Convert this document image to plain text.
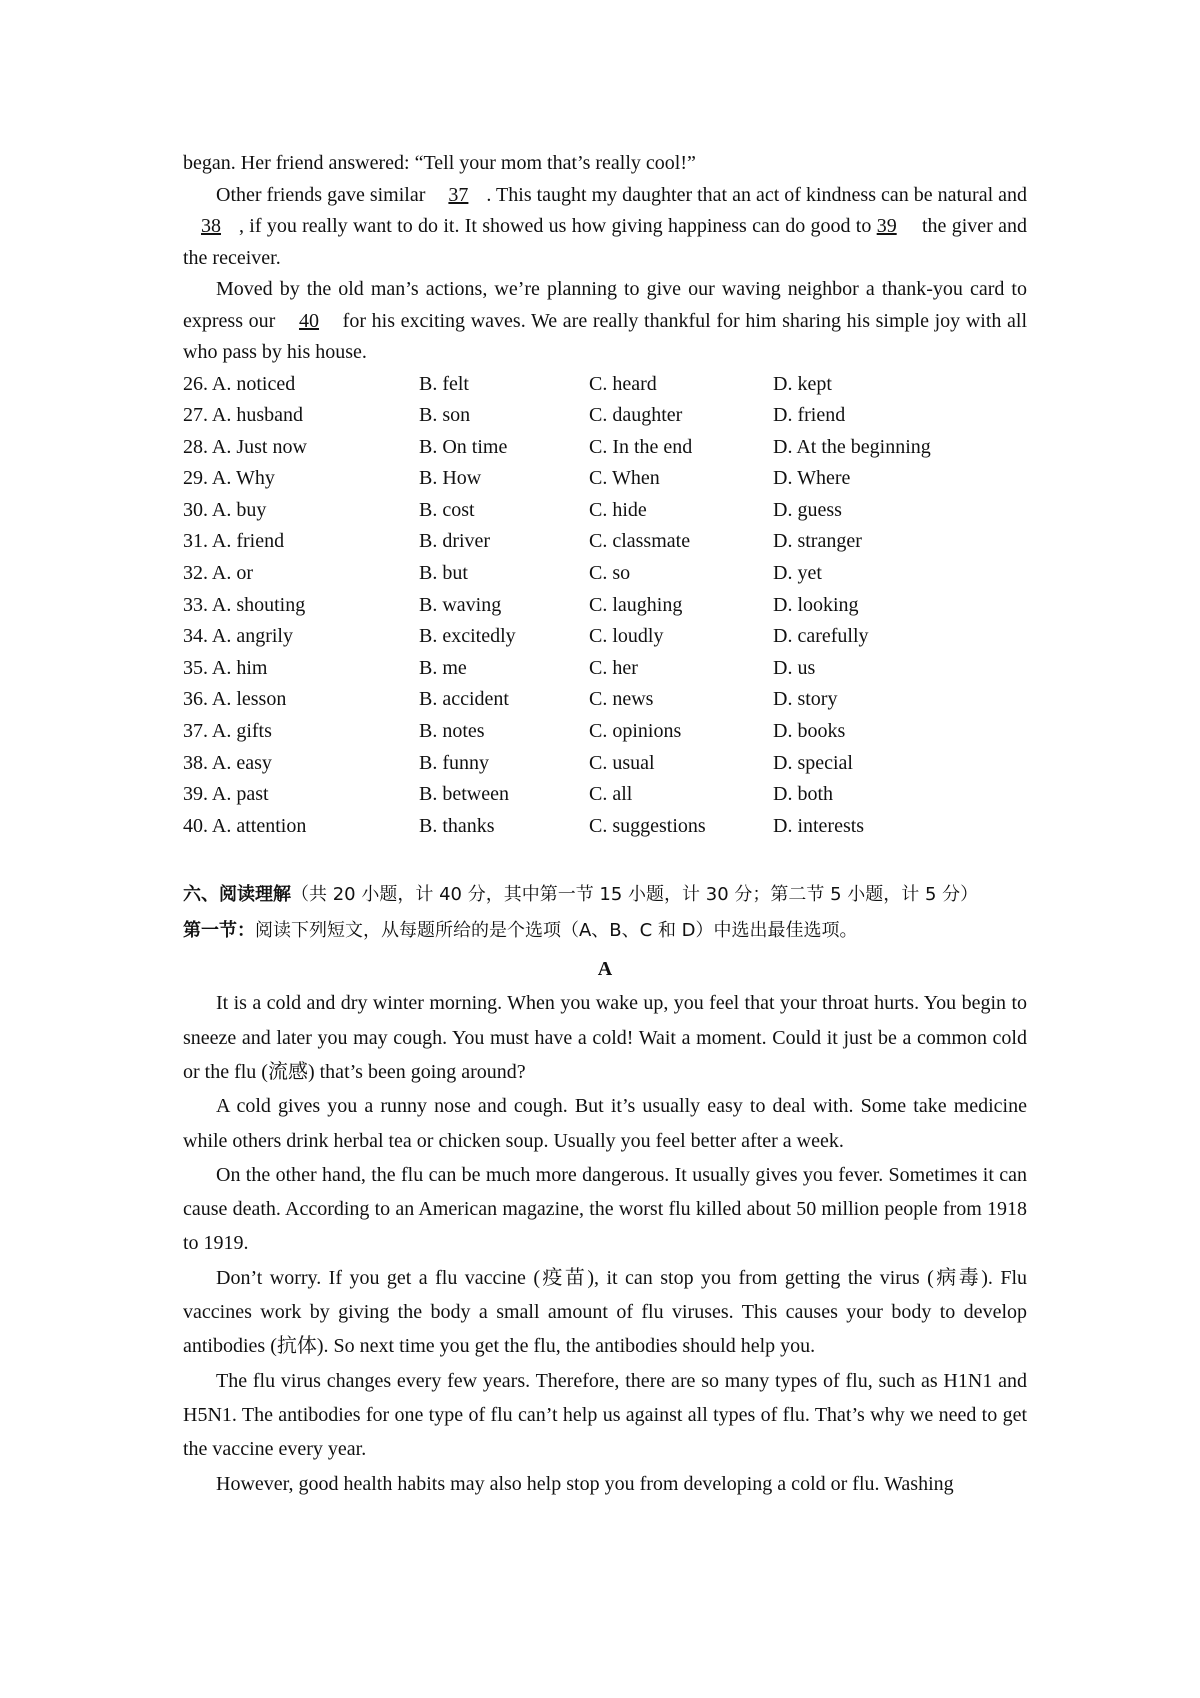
began. Her friend answered: “Tell your mom that’s really cool!”

Other friends gave similar 37 . This taught my daughter that an act of kindness can be natural and 38 , if you really want to do it. It showed us how giving happiness can do good to 39 the giver and the receiver.

Moved by the old man’s actions, we’re planning to give our waving neighbor a thank-you card to express our 40 for his exciting waves. We are really thankful for him sharing his simple joy with all who pass by his house.

26. A. noticed	B. felt	C. heard	D. kept
27. A. husband	B. son	C. daughter	D. friend
28. A. Just now	B. On time	C. In the end	D. At the beginning
29. A. Why	B. How	C. When	D. Where
30. A. buy	B. cost	C. hide	D. guess
31. A. friend	B. driver	C. classmate	D. stranger
32. A. or	B. but	C. so	D. yet
33. A. shouting	B. waving	C. laughing	D. looking
34. A. angrily	B. excitedly	C. loudly	D. carefully
35. A. him	B. me	C. her	D. us
36. A. lesson	B. accident	C. news	D. story
37. A. gifts	B. notes	C. opinions	D. books
38. A. easy	B. funny	C. usual	D. special
39. A. past	B. between	C. all	D. both
40. A. attention	B. thanks	C. suggestions	D. interests
六、阅读理解（共 20 小题，计 40 分，其中第一节 15 小题，计 30 分；第二节 5 小题，计 5 分）
第一节：阅读下列短文，从每题所给的是个选项（A、B、C 和 D）中选出最佳选项。
A

It is a cold and dry winter morning. When you wake up, you feel that your throat hurts. You begin to sneeze and later you may cough. You must have a cold! Wait a moment. Could it just be a common cold or the flu (流感) that’s been going around?

A cold gives you a runny nose and cough. But it’s usually easy to deal with. Some take medicine while others drink herbal tea or chicken soup. Usually you feel better after a week.

On the other hand, the flu can be much more dangerous. It usually gives you fever. Sometimes it can cause death. According to an American magazine, the worst flu killed about 50 million people from 1918 to 1919.

Don’t worry. If you get a flu vaccine (疫苗), it can stop you from getting the virus (病毒). Flu vaccines work by giving the body a small amount of flu viruses. This causes your body to develop antibodies (抗体). So next time you get the flu, the antibodies should help you.

The flu virus changes every few years. Therefore, there are so many types of flu, such as H1N1 and H5N1. The antibodies for one type of flu can’t help us against all types of flu. That’s why we need to get the vaccine every year.

However, good health habits may also help stop you from developing a cold or flu. Washing
